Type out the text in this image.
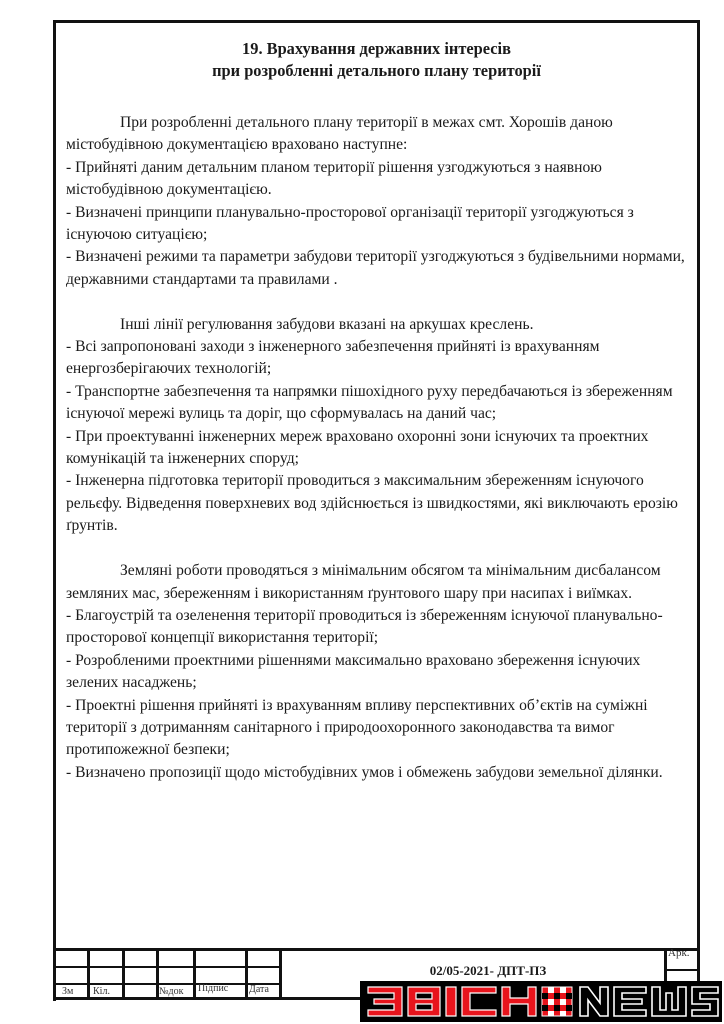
19. Врахування державних інтересів
при розробленні детального плану території

При розробленні детального плану території в межах смт. Хорошів даною містобудівною документацією враховано наступне:

- Прийняті даним детальним планом території рішення узгоджуються з наявною містобудівною документацією.

- Визначені принципи планувально-просторової організації території узгоджуються з існуючою ситуацією;

- Визначені режими та параметри забудови території узгоджуються з будівельними нормами, державними стандартами та правилами .

Інші лінії регулювання забудови вказані на аркушах креслень.

- Всі запропоновані заходи з інженерного забезпечення прийняті із врахуванням енергозберігаючих технологій;

- Транспортне забезпечення та напрямки пішохідного руху передбачаються із збереженням існуючої мережі вулиць та доріг, що сформувалась на даний час;

- При проектуванні інженерних мереж враховано охоронні зони існуючих та проектних комунікацій та інженерних споруд;

- Інженерна підготовка території проводиться з максимальним збереженням існуючого рельєфу. Відведення поверхневих вод здійснюється із швидкостями, які виключають ерозію ґрунтів.

Земляні роботи проводяться з мінімальним обсягом та мінімальним дисбалансом земляних мас, збереженням і використанням ґрунтового шару при насипах і виїмках.

- Благоустрій та озеленення території проводиться із збереженням існуючої планувально-просторової концепції використання території;

- Розробленими проектними рішеннями максимально враховано збереження існуючих зелених насаджень;

- Проектні рішення прийняті із врахуванням впливу перспективних об’єктів на суміжні території з дотриманням санітарного і природоохоронного законодавства та вимог протипожежної безпеки;

- Визначено пропозиції щодо містобудівних умов і обмежень забудови земельної ділянки.

Зм Кіл.	№док Підпис Дата
02/05-2021- ДПТ-ПЗ
Арк.
